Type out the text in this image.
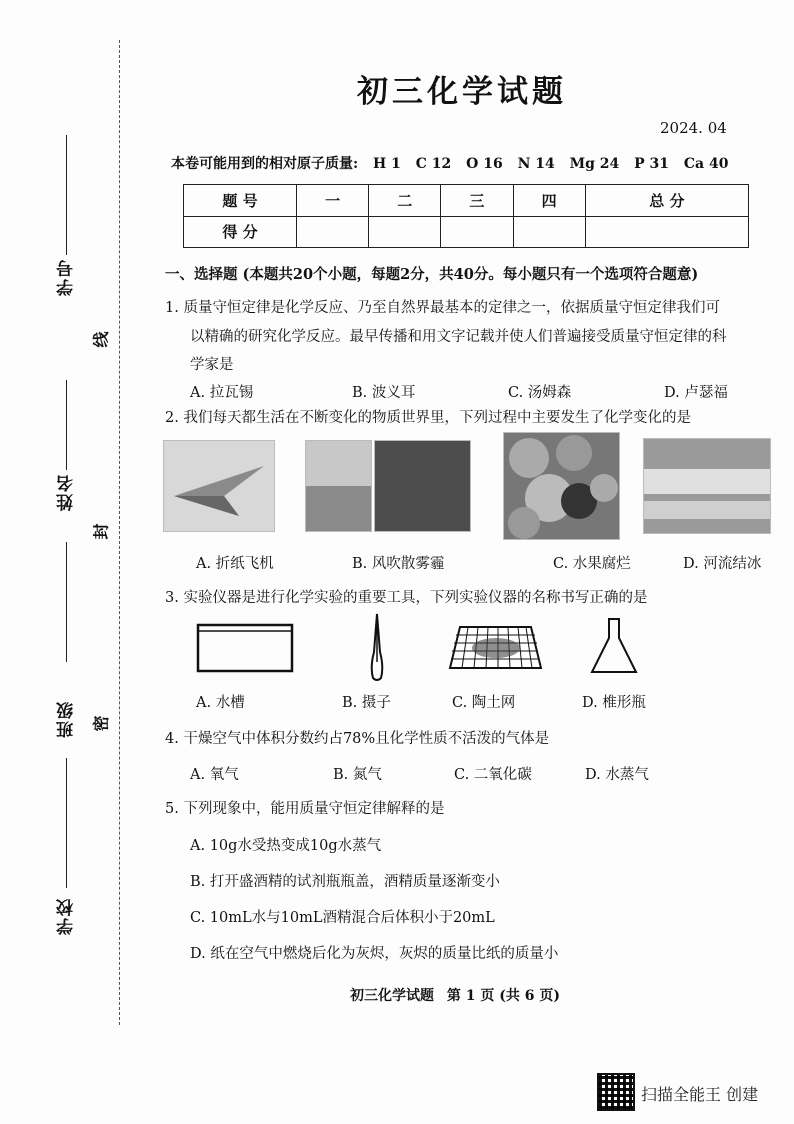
学号
姓名
班级
学校
线
封
密
初三化学试题
2024. 04
本卷可能用到的相对原子质量: H 1 C 12 O 16 N 14 Mg 24 P 31 Ca 40
题 号	一	二	三	四	总 分
得 分					
一、选择题 (本题共20个小题，每题2分，共40分。每小题只有一个选项符合题意)
1. 质量守恒定律是化学反应、乃至自然界最基本的定律之一，依据质量守恒定律我们可
以精确的研究化学反应。最早传播和用文字记载并使人们普遍接受质量守恒定律的科
学家是
A. 拉瓦锡	B. 波义耳	C. 汤姆森	D. 卢瑟福
2. 我们每天都生活在不断变化的物质世界里，下列过程中主要发生了化学变化的是
A. 折纸飞机	B. 风吹散雾霾	C. 水果腐烂	D. 河流结冰
3. 实验仪器是进行化学实验的重要工具，下列实验仪器的名称书写正确的是
A. 水槽	B. 摄子	C. 陶土网	D. 椎形瓶
4. 干燥空气中体积分数约占78%且化学性质不活泼的气体是
A. 氧气	B. 氮气	C. 二氧化碳	D. 水蒸气
5. 下列现象中，能用质量守恒定律解释的是
A. 10g水受热变成10g水蒸气
B. 打开盛酒精的试剂瓶瓶盖，酒精质量逐渐变小
C. 10mL水与10mL酒精混合后体积小于20mL
D. 纸在空气中燃烧后化为灰烬，灰烬的质量比纸的质量小
初三化学试题 第 1 页 (共 6 页)
扫描全能王 创建
